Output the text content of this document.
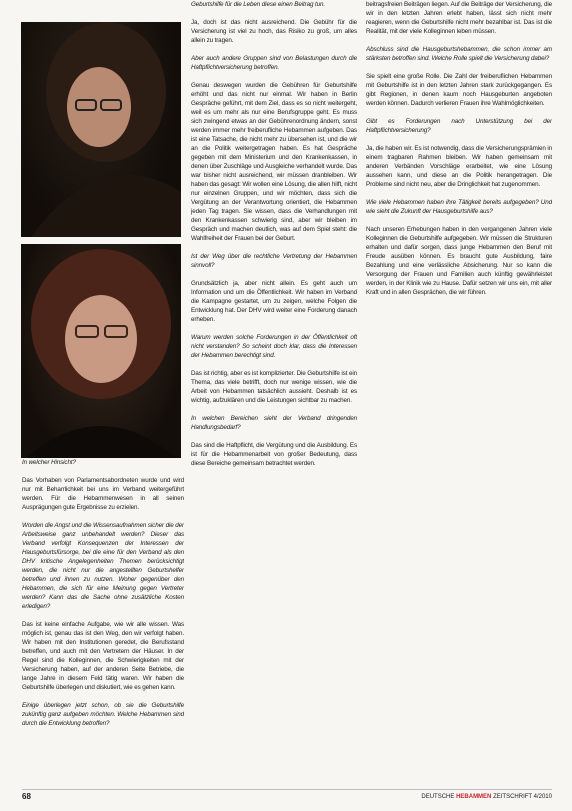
In welcher Hinsicht?

Das Vorhaben von Parlamentsabordneten wurde und wird nur mit Beharrlichkeit bei uns im Verband weitergeführt werden. Für die Hebammenwesen in all seinen Ausprägungen gute Ergebnisse zu erzielen.

Worden die Angst und die Wissensaufnahmen sicher die der Arbeitsweise ganz unbehandelt werden? Dieser das Verband verfolgt Konsequenzen der Interessen der Hausgeburtsfürsorge, bei die eine für den Verband als den DHV kritische Angelegenheiten Themen berücksichtigt werden, die nicht nur die angestellten Geburtshelfer betreffen und ihnen zu nutzen. Woher gegenüber den Hebammen, die sich für eine Meinung gegen Vertreter werden? Kann das die Sache ohne zusätzliche Kosten erledigen?

Das ist keine einfache Aufgabe, wie wir alle wissen. Was möglich ist, genau das ist den Weg, den wir verfolgt haben. Wir haben mit den Institutionen geredet, die Berufsstand betreffen, und auch mit den Vertretern der Häuser. In der Regel sind die Kolleginnen, die Schwierigkeiten mit der Versicherung haben, auf der anderen Seite Betriebe, die lange Jahre in diesem Feld tätig waren. Wir haben die Geburtshilfe überlegen und diskutiert, wie es gehen kann.

Einige überlegen jetzt schon, ob sie die Geburtshilfe zukünftig ganz aufgeben möchten. Welche Hebammen sind durch die Entwicklung betroffen?

Geburtshilfe für die Leben diese einen Beitrag tun.

Ja, doch ist das nicht ausreichend. Die Gebühr für die Versicherung ist viel zu hoch, das Risiko zu groß, um alles allein zu tragen.

Aber auch andere Gruppen sind von Belastungen durch die Haftpflichtversicherung betroffen.

Genau deswegen wurden die Gebühren für Geburtshilfe erhöht und das nicht nur einmal. Wir haben in Berlin Gespräche geführt, mit dem Ziel, dass es so nicht weitergeht, weil es um mehr als nur eine Berufsgruppe geht. Es muss sich zwingend etwas an der Gebührenordnung ändern, sonst werden immer mehr freiberufliche Hebammen aufgeben. Das ist eine Tatsache, die nicht mehr zu übersehen ist, und die wir an die Politik weitergetragen haben. Es hat Gespräche gegeben mit dem Ministerium und den Krankenkassen, in denen über Zuschläge und Ausgleiche verhandelt wurde. Das war bisher nicht ausreichend, wir müssen dranbleiben. Wir haben das gesagt: Wir wollen eine Lösung, die allen hilft, nicht nur einzelnen Gruppen, und wir möchten, dass sich die Vergütung an der Verantwortung orientiert, die Hebammen jeden Tag tragen. Sie wissen, dass die Verhandlungen mit den Krankenkassen schwierig sind, aber wir bleiben im Gespräch und machen deutlich, was auf dem Spiel steht: die Wahlfreiheit der Frauen bei der Geburt.

Ist der Weg über die rechtliche Vertretung der Hebammen sinnvoll?

Grundsätzlich ja, aber nicht allein. Es geht auch um Information und um die Öffentlichkeit. Wir haben im Verband die Kampagne gestartet, um zu zeigen, welche Folgen die Entwicklung hat. Der DHV wird weiter eine Forderung danach erheben.

Warum werden solche Forderungen in der Öffentlichkeit oft nicht verstanden? So scheint doch klar, dass die Interessen der Hebammen berechtigt sind.

Das ist richtig, aber es ist komplizierter. Die Geburtshilfe ist ein Thema, das viele betrifft, doch nur wenige wissen, wie die Arbeit von Hebammen tatsächlich aussieht. Deshalb ist es wichtig, aufzuklären und die Leistungen sichtbar zu machen.

In welchen Bereichen sieht der Verband dringenden Handlungsbedarf?

Das sind die Haftpflicht, die Vergütung und die Ausbildung. Es ist für die Hebammenarbeit von großer Bedeutung, dass diese Bereiche gemeinsam betrachtet werden.

beitragsfreien Beiträgen liegen. Auf die Beiträge der Versicherung, die wir in den letzten Jahren erlebt haben, lässt sich nicht mehr reagieren, wenn die Geburtshilfe nicht mehr bezahlbar ist. Das ist die Realität, mit der viele Kolleginnen leben müssen.

Abschluss sind die Hausgeburtshebammen, die schon immer am stärksten betroffen sind. Welche Rolle spielt die Versicherung dabei?

Sie spielt eine große Rolle. Die Zahl der freiberuflichen Hebammen mit Geburtshilfe ist in den letzten Jahren stark zurückgegangen. Es gibt Regionen, in denen kaum noch Hausgeburten angeboten werden können. Dadurch verlieren Frauen ihre Wahlmöglichkeiten.

Gibt es Forderungen nach Unterstützung bei der Haftpflichtversicherung?

Ja, die haben wir. Es ist notwendig, dass die Versicherungsprämien in einem tragbaren Rahmen bleiben. Wir haben gemeinsam mit anderen Verbänden Vorschläge erarbeitet, wie eine Lösung aussehen kann, und diese an die Politik herangetragen. Die Probleme sind nicht neu, aber die Dringlichkeit hat zugenommen.

Wie viele Hebammen haben ihre Tätigkeit bereits aufgegeben? Und wie sieht die Zukunft der Hausgeburtshilfe aus?

Nach unseren Erhebungen haben in den vergangenen Jahren viele Kolleginnen die Geburtshilfe aufgegeben. Wir müssen die Strukturen erhalten und dafür sorgen, dass junge Hebammen den Beruf mit Freude ausüben können. Es braucht gute Ausbildung, faire Bezahlung und eine verlässliche Absicherung. Nur so kann die Versorgung der Frauen und Familien auch künftig gewährleistet werden, in der Klinik wie zu Hause. Dafür setzen wir uns ein, mit aller Kraft und in allen Gesprächen, die wir führen.

68	DEUTSCHE HEBAMMEN ZEITSCHRIFT 4/2010
